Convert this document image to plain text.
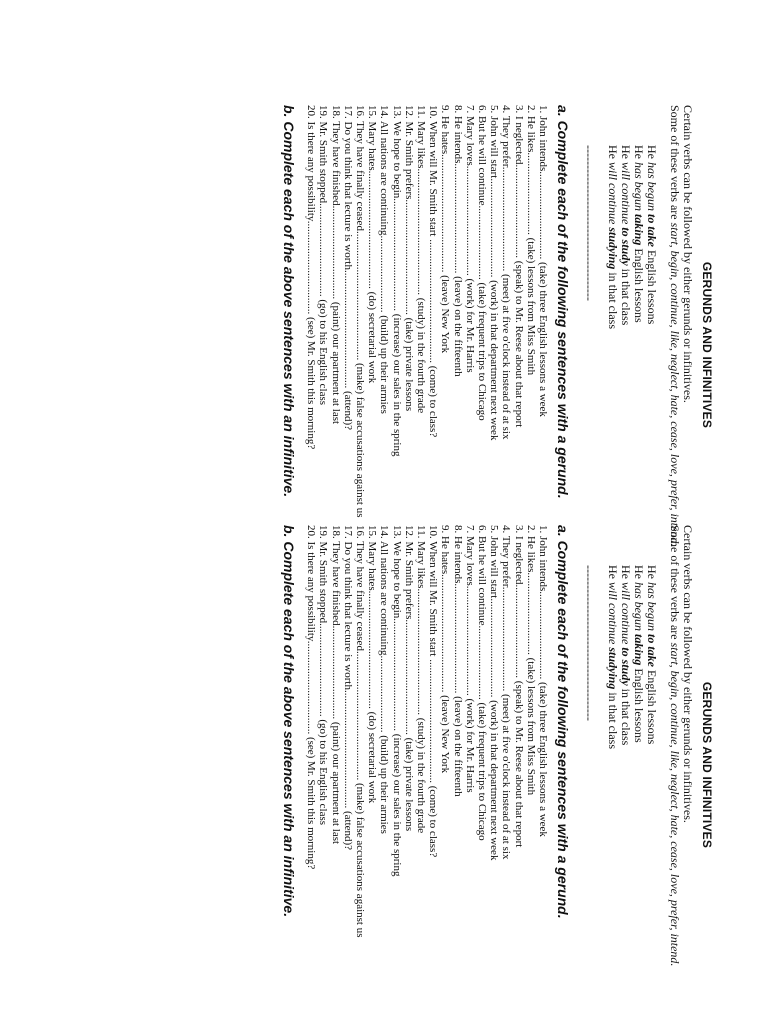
GERUNDS AND INFINITIVES
Certain verbs can be followed by either gerunds or infinitives.
Some of these verbs are start, begin, continue, like, neglect, hate, cease, love, prefer, intend.
He has begun to take English lessons
He has begun taking English lessons
He will continue to study in that class
He will continue studying in that class
---------------------------------------
a. Complete each of the following sentences with a gerund.
1. John intends................................ (take) three English lessons a week
2. He likes.............................. (take) lessons from Miss Smith
3. I neglected.................................. (speak) to Mr. Reese about that report
4. They prefer...................................... (meet) at five o'clock instead of at six
5. John will start.................................... (work) in that department next week
6. But he will continue........................... (take) frequent trips to Chicago
7. Mary loves........................................ (work) for Mr. Harris
8. He intends........................................ (leave) on the fifteenth
9. He hates........................................... (leave) New York
10. When will Mr. Smith start ............................................. (come) to class?
11. Mary likes.............................................. (study) in the fourth grade
12. Mr. Smith prefers.......................................... (take) private lessons
13. We hope to begin......................................... (increase) our sales in the spring
14. All nations are continuing............................ (build) up their armies
15. Mary hates........................................... (do) secretarial work
16. They have finally ceased............................................... (make) false accusations against us
17. Do you think that lecture is worth........................................... (attend)?
18. They have finished.................................. (paint) our apartment at last
19. Mr. Smith stopped.................................. (go) to his English class
20. Is there any possibility.................................. (see) Mr. Smith this morning?
b. Complete each of the above sentences with an infinitive.
GERUNDS AND INFINITIVES
Certain verbs can be followed by either gerunds or infinitives.
Some of these verbs are start, begin, continue, like, neglect, hate, cease, love, prefer, intend.
He has begun to take English lessons
He has begun taking English lessons
He will continue to study in that class
He will continue studying in that class
---------------------------------------
a. Complete each of the following sentences with a gerund.
1. John intends................................ (take) three English lessons a week
2. He likes.............................. (take) lessons from Miss Smith
3. I neglected.................................. (speak) to Mr. Reese about that report
4. They prefer...................................... (meet) at five o'clock instead of at six
5. John will start.................................... (work) in that department next week
6. But he will continue........................... (take) frequent trips to Chicago
7. Mary loves........................................ (work) for Mr. Harris
8. He intends........................................ (leave) on the fifteenth
9. He hates........................................... (leave) New York
10. When will Mr. Smith start ............................................. (come) to class?
11. Mary likes.............................................. (study) in the fourth grade
12. Mr. Smith prefers.......................................... (take) private lessons
13. We hope to begin......................................... (increase) our sales in the spring
14. All nations are continuing............................ (build) up their armies
15. Mary hates........................................... (do) secretarial work
16. They have finally ceased............................................... (make) false accusations against us
17. Do you think that lecture is worth........................................... (attend)?
18. They have finished.................................. (paint) our apartment at last
19. Mr. Smith stopped.................................. (go) to his English class
20. Is there any possibility.................................. (see) Mr. Smith this morning?
b. Complete each of the above sentences with an infinitive.
